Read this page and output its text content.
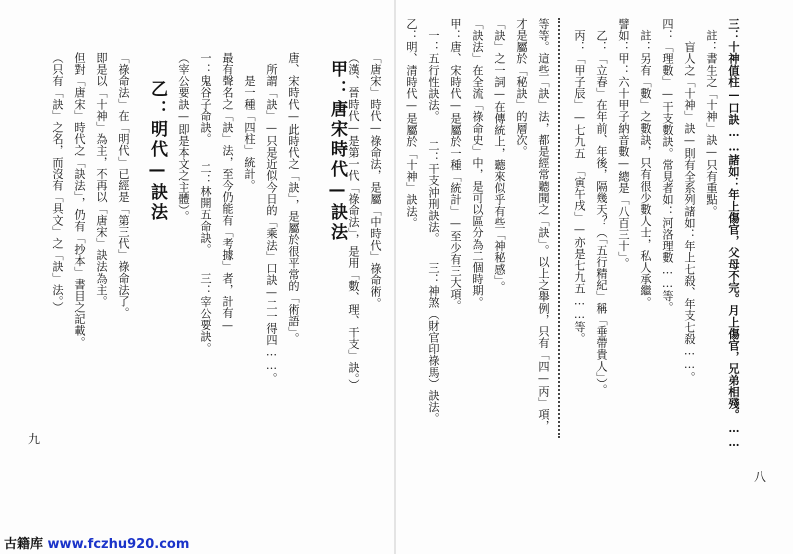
「唐宋」時代—祿命法，是屬「中時代」祿命術。
（漢、晉時代—是第一代「祿命法」，是用「數、理、干支」訣。）
甲：唐宋時代—訣法
唐、宋時代—此時代之「訣」，是屬於很平常的「術語」。
　所謂「訣」—只是近似今日的「乘法」口訣—二一得四……。
　　是一種「四柱」統計。
最有聲名之「訣」法，至今仍能有「考據」者，計有—
一：鬼谷子命訣。　　二：林開五命訣。　　三：宰公要訣。
（宰公要訣—即是本文之主體）。
乙：明代—訣法
「祿命法」在「明代」已經是「第三代」祿命法了。
即是以「十神」為主，不再以「唐宋」訣法為主。
但對「唐宋」時代之「訣法」，仍有「抄本」書目之記載。
（只有「訣」之名，而沒有「具文」之「訣」法。）
九	三：十神值柱—口訣……諸如：年上傷官，父母不完。月上傷官，兄弟相殘。……
　註：書生之「十神」訣—只有重點。
　　盲人之「十神」訣—則有全系列諸如：年上七殺、年支七殺……。
四：「理數」—干支數訣。常見者如：河洛理數……等。
　註：另有「數」之數訣，只有很少數人士，私人承繼。
譬如：甲：六十甲子納音數—總是「八百三十」。
　乙：「立春」在年前、年後，隔幾天？（「五行精紀」稱「垂帶貴人」）。
　丙：「甲子辰」—七九五　「寅午戌」—亦是七九五……等。
等等。這些「訣」法，都是經常聽聞之「訣」。以上之舉例，只有「四—丙」項，
才是屬於「秘訣」的層次。
「訣」之一詞—在傳統上，聽來似乎有些「神秘感」。
「訣法」在全流「祿命史」中，是可以區分為二個時期。
甲：唐、宋時代—是屬於一種「統計」—至少有三大項。
　一：五行性訣法。　　二：干支沖刑訣法。　　三：神煞（財官印祿馬）訣法。
乙：明、清時代—是屬於「十神」訣法。
八
古籍库 www.fczhu920.com
